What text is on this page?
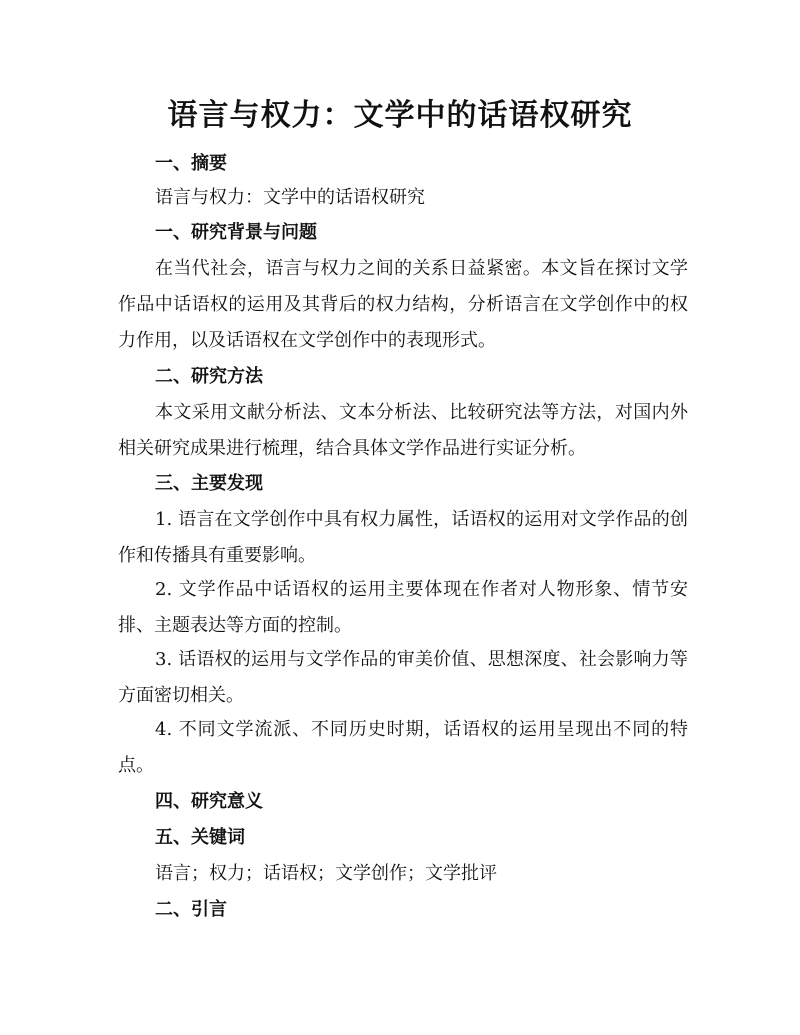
语言与权力：文学中的话语权研究
一、摘要
语言与权力：文学中的话语权研究
一、研究背景与问题
在当代社会，语言与权力之间的关系日益紧密。本文旨在探讨文学作品中话语权的运用及其背后的权力结构，分析语言在文学创作中的权力作用，以及话语权在文学创作中的表现形式。
二、研究方法
本文采用文献分析法、文本分析法、比较研究法等方法，对国内外相关研究成果进行梳理，结合具体文学作品进行实证分析。
三、主要发现
1. 语言在文学创作中具有权力属性，话语权的运用对文学作品的创作和传播具有重要影响。
2. 文学作品中话语权的运用主要体现在作者对人物形象、情节安排、主题表达等方面的控制。
3. 话语权的运用与文学作品的审美价值、思想深度、社会影响力等方面密切相关。
4. 不同文学流派、不同历史时期，话语权的运用呈现出不同的特点。
四、研究意义
五、关键词
语言；权力；话语权；文学创作；文学批评
二、引言
